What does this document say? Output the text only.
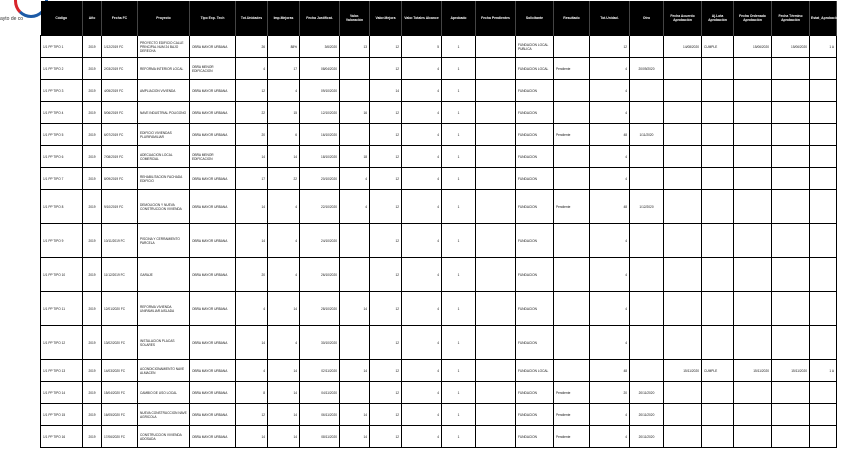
ayto de co	Código	Año	Fecha FC	Proyecto	Tipo Exp. Tech	Tot.Unidades	Imp.Mejoras	Fecha Justificat.	Valor. Valoración	Valor.Mejora	Valor.Totales Alcance	Aprobado	Fecha Pendientes	Solicitante	Resultado	Tot.Unidad.	Otro	Fecha Acuerdo Aprobación	Aj.Lota Aprobación	Fecha Ordenado Aprobación	Fecha Término Aprobación	Estat_Aprobación
1/1 PP TIPO 1	2019	1/12/2019 FC	PROYECTO EDIFICIO CALLE PRINCIPAL NUM 24 BAJO DERECHA	OBRA MAYOR URBANA	26	88%	3/6/2020	13	12	5	1		FUNDACION LOCAL PUBLICA		12		14/08/2020	CUMPLE	15/06/2020	15/06/2020	1 A
1/1 PP TIPO 2	2019	2/03/2019 FC	REFORMA INTERIOR LOCAL	OBRA MENOR EDIFICACION	4	17	08/04/2020		12	4	1		FUNDACION LOCAL	Pendiente	4	20/09/2020					
1/1 PP TIPO 3	2019	4/05/2019 FC	AMPLIACION VIVIENDA	OBRA MAYOR URBANA	12	4	09/10/2020		14	4	1		FUNDACION		4						
1/1 PP TIPO 4	2019	5/06/2019 FC	NAVE INDUSTRIAL POLIGONO	OBRA MAYOR URBANA	22	15	12/10/2020	16	12	4	1		FUNDACION		4						
1/1 PP TIPO 5	2019	6/07/2019 FC	EDIFICIO VIVIENDAS PLURIFAMILIAR	OBRA MAYOR URBANA	20	6	16/10/2020		12	4	1		FUNDACION	Pendiente	48	1/11/2020					
1/1 PP TIPO 6	2019	7/08/2019 FC	ADECUACION LOCAL COMERCIAL	OBRA MENOR EDIFICACION	14	14	18/10/2020	18	12	4	1		FUNDACION		4						
1/1 PP TIPO 7	2019	8/09/2019 FC	REHABILITACION FACHADA EDIFICIO	OBRA MAYOR URBANA	17	22	20/10/2020	4	12	4	1		FUNDACION		4						
1/1 PP TIPO 8	2019	9/10/2019 FC	DEMOLICION Y NUEVA CONSTRUCCION VIVIENDA	OBRA MAYOR URBANA	14	4	22/10/2020	4	12	4	1		FUNDACION	Pendiente	48	1/12/2020					
1/1 PP TIPO 9	2019	10/11/2019 FC	PISCINA Y CERRAMIENTO PARCELA	OBRA MAYOR URBANA	14	4	24/10/2020		12	4	1		FUNDACION		4						
1/1 PP TIPO 10	2019	11/12/2019 FC	GARAJE	OBRA MAYOR URBANA	20	4	26/10/2020		12	4	1		FUNDACION		4						
1/1 PP TIPO 11	2019	12/01/2020 FC	REFORMA VIVIENDA UNIFAMILIAR AISLADA	OBRA MAYOR URBANA	4	14	28/10/2020	14	12	4	1		FUNDACION		4						
1/1 PP TIPO 12	2019	13/02/2020 FC	INSTALACION PLACAS SOLARES	OBRA MAYOR URBANA	14	4	30/10/2020		12	4	1		FUNDACION		4						
1/1 PP TIPO 13	2019	14/03/2020 FC	ACONDICIONAMIENTO NAVE ALMACEN	OBRA MAYOR URBANA	4	14	02/11/2020	14	12	4	1		FUNDACION LOCAL		48		15/11/2020	CUMPLE	15/11/2020	15/11/2020	1 A
1/1 PP TIPO 14	2019	15/04/2020 FC	CAMBIO DE USO LOCAL	OBRA MAYOR URBANA	8	14	04/11/2020		12	4	1		FUNDACION	Pendiente	20	20/11/2020					
1/1 PP TIPO 15	2019	16/05/2020 FC	NUEVA CONSTRUCCION NAVE AGRICOLA	OBRA MAYOR URBANA	12	14	06/11/2020	14	12	4	1		FUNDACION	Pendiente	4	20/11/2020					
1/1 PP TIPO 16	2019	17/06/2020 FC	CONSTRUCCION VIVIENDA ADOSADA	OBRA MAYOR URBANA	14	14	08/11/2020	14	12	4	1		FUNDACION	Pendiente	4	20/11/2020					
